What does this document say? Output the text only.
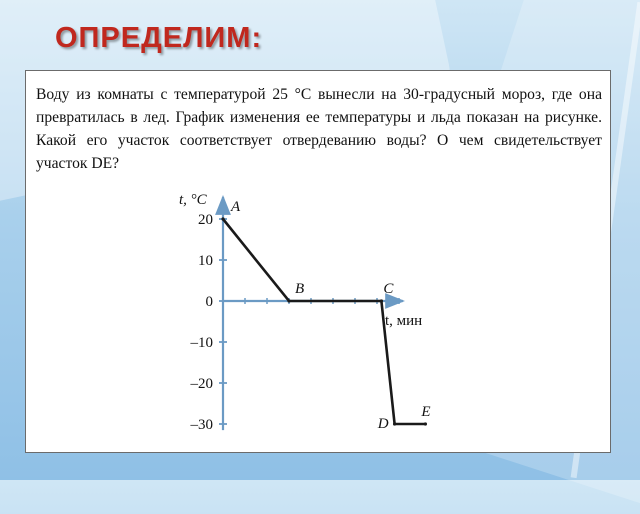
ОПРЕДЕЛИМ:

Воду из комнаты с температурой 25 °С вынесли на 30-градусный мороз, где она превратилась в лед. График изменения ее температуры и льда показан на рисунке. Какой его участок соответствует отвердеванию воды? О чем свидетельствует участок DE?

20
10
0
–10
–20
–30
t, °С
t, мин
A
B	C
D
E
